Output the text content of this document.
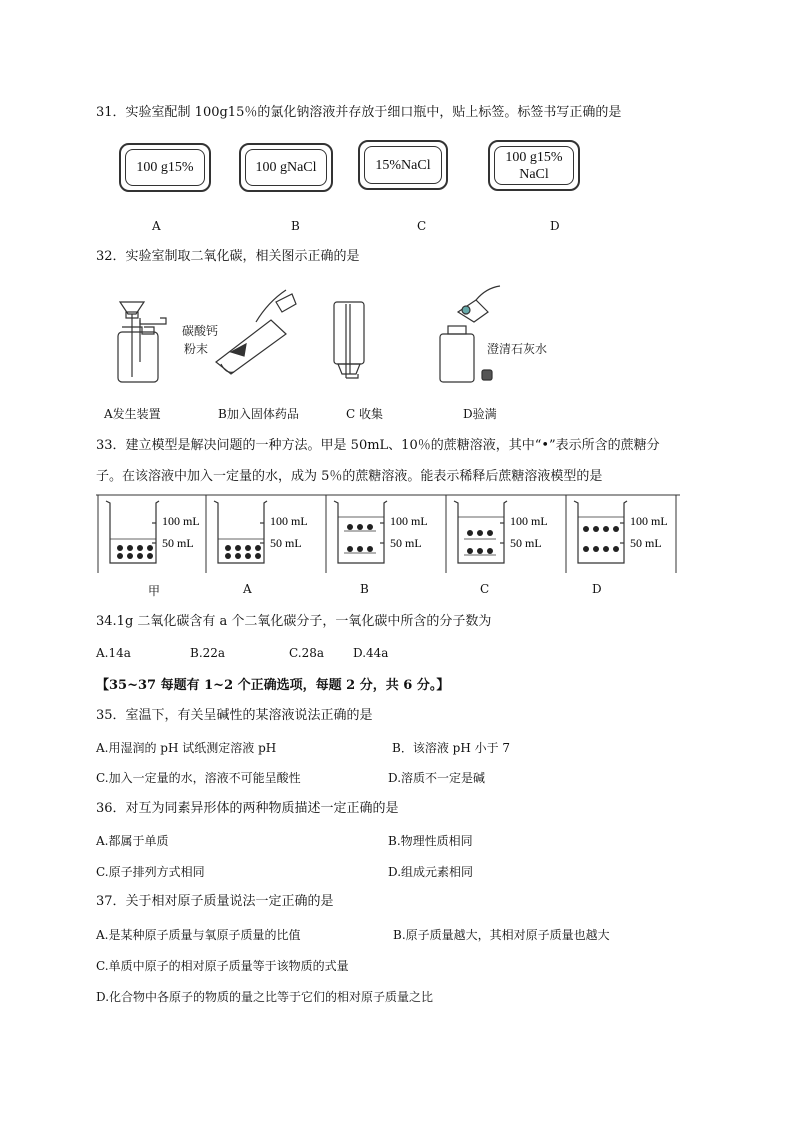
31．实验室配制 100g15％的氯化钠溶液并存放于细口瓶中，贴上标签。标签书写正确的是
100 g15%	100 gNaCl	15%NaCl
100 g15%
NaCl
A	B	C	D
32．实验室制取二氧化碳，相关图示正确的是
碳酸钙
粉末	澄清石灰水
A发生装置	B加入固体药品	C 收集	D验满
33．建立模型是解决问题的一种方法。甲是 50mL、10％的蔗糖溶液，其中“•”表示所含的蔗糖分
子。在该溶液中加入一定量的水，成为 5％的蔗糖溶液。能表示稀释后蔗糖溶液模型的是
100 mL
50 mL
100 mL
50 mL
100 mL
50 mL
100 mL
50 mL
100 mL
50 mL
甲	A	B	C	D
34.1g 二氧化碳含有 a 个二氧化碳分子，一氧化碳中所含的分子数为
A.14a	B.22a	C.28a D.44a
【35~37 每题有 1~2 个正确选项，每题 2 分，共 6 分。】
35．室温下，有关呈碱性的某溶液说法正确的是
A.用湿润的 pH 试纸测定溶液 pH	B．该溶液 pH 小于 7
C.加入一定量的水，溶液不可能呈酸性	D.溶质不一定是碱
36．对互为同素异形体的两种物质描述一定正确的是
A.都属于单质	B.物理性质相同
C.原子排列方式相同	D.组成元素相同
37．关于相对原子质量说法一定正确的是
A.是某种原子质量与氧原子质量的比值	B.原子质量越大，其相对原子质量也越大
C.单质中原子的相对原子质量等于该物质的式量
D.化合物中各原子的物质的量之比等于它们的相对原子质量之比
